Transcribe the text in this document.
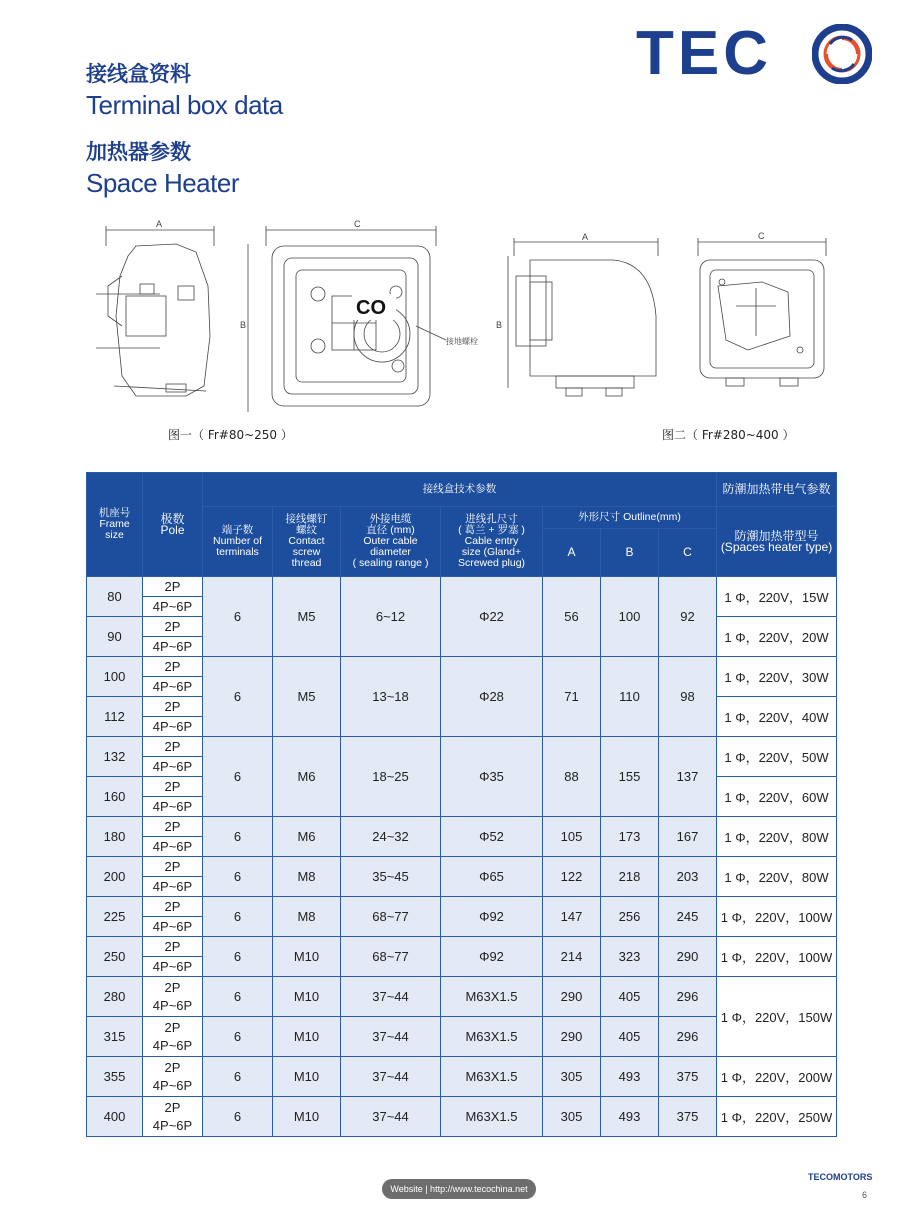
接线盒资料
Terminal box data
加热器参数
Space Heater
TEC
A	C
B
CO
接地螺栓
A
B
C
图一（ Fr#80~250 ）	图二（ Fr#280~400 ）
机座号
Frame
size	极数
Pole	接线盒技术参数							防潮加热带电气参数
		端子数
Number of
terminals	接线螺钉
螺纹
Contact
screw
thread	外接电缆
直径 (mm)
Outer cable
diameter
( sealing range )	进线孔尺寸
( 葛兰 + 罗塞 )
Cable entry
size (Gland+
Screwed plug)	外形尺寸 Outline(mm)			防潮加热带型号
(Spaces heater type)
						A	B	C	
80	2P	6	M5	6~12	Φ22	56	100	92	1 Φ，220V，15W
	4P~6P								
90	2P								1 Φ，220V，20W
	4P~6P								
100	2P	6	M5	13~18	Φ28	71	110	98	1 Φ，220V，30W
	4P~6P								
112	2P								1 Φ，220V，40W
	4P~6P								
132	2P	6	M6	18~25	Φ35	88	155	137	1 Φ，220V，50W
	4P~6P								
160	2P								1 Φ，220V，60W
	4P~6P								
180	2P	6	M6	24~32	Φ52	105	173	167	1 Φ，220V，80W
	4P~6P								
200	2P	6	M8	35~45	Φ65	122	218	203	1 Φ，220V，80W
	4P~6P								
225	2P	6	M8	68~77	Φ92	147	256	245	1 Φ，220V，100W
	4P~6P								
250	2P	6	M10	68~77	Φ92	214	323	290	1 Φ，220V，100W
	4P~6P								
280	2P
4P~6P	6	M10	37~44	M63X1.5	290	405	296	1 Φ，220V，150W
315	2P
4P~6P	6	M10	37~44	M63X1.5	290	405	296	
355	2P
4P~6P	6	M10	37~44	M63X1.5	305	493	375	1 Φ，220V，200W
400	2P
4P~6P	6	M10	37~44	M63X1.5	305	493	375	1 Φ，220V，250W
Website | http://www.tecochina.net
TECOMOTORS
6
